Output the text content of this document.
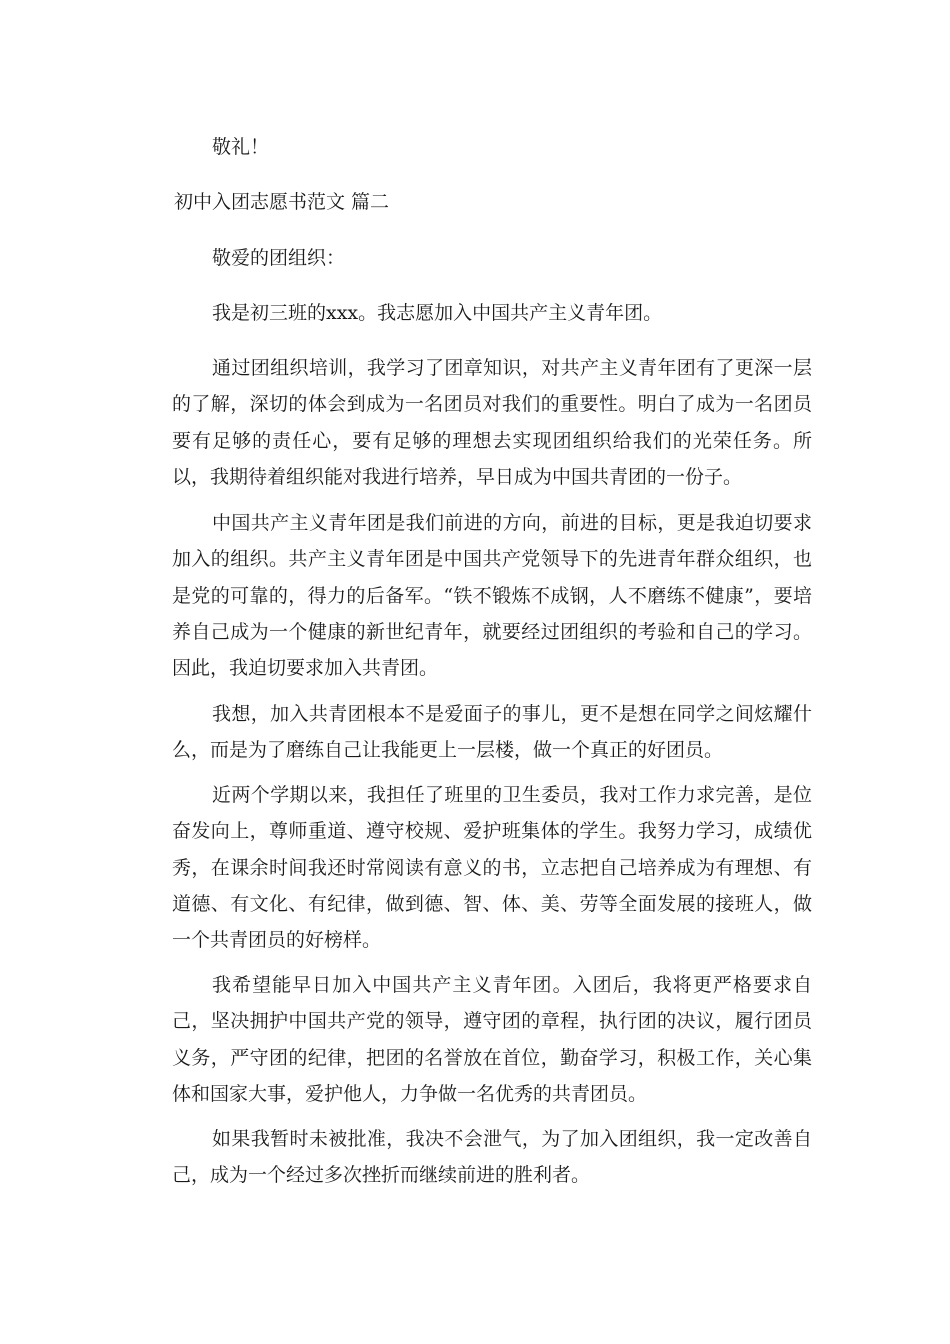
敬礼！
初中入团志愿书范文 篇二
敬爱的团组织：
我是初三班的xxx。我志愿加入中国共产主义青年团。
通过团组织培训，我学习了团章知识，对共产主义青年团有了更深一层的了解，深切的体会到成为一名团员对我们的重要性。明白了成为一名团员要有足够的责任心，要有足够的理想去实现团组织给我们的光荣任务。所以，我期待着组织能对我进行培养，早日成为中国共青团的一份子。
中国共产主义青年团是我们前进的方向，前进的目标，更是我迫切要求加入的组织。共产主义青年团是中国共产党领导下的先进青年群众组织，也是党的可靠的，得力的后备军。“铁不锻炼不成钢，人不磨练不健康”，要培养自己成为一个健康的新世纪青年，就要经过团组织的考验和自己的学习。因此，我迫切要求加入共青团。
我想，加入共青团根本不是爱面子的事儿，更不是想在同学之间炫耀什么，而是为了磨练自己让我能更上一层楼，做一个真正的好团员。
近两个学期以来，我担任了班里的卫生委员，我对工作力求完善，是位奋发向上，尊师重道、遵守校规、爱护班集体的学生。我努力学习，成绩优秀，在课余时间我还时常阅读有意义的书，立志把自己培养成为有理想、有道德、有文化、有纪律，做到德、智、体、美、劳等全面发展的接班人，做一个共青团员的好榜样。
我希望能早日加入中国共产主义青年团。入团后，我将更严格要求自己，坚决拥护中国共产党的领导，遵守团的章程，执行团的决议，履行团员义务，严守团的纪律，把团的名誉放在首位，勤奋学习，积极工作，关心集体和国家大事，爱护他人，力争做一名优秀的共青团员。
如果我暂时未被批准，我决不会泄气，为了加入团组织，我一定改善自己，成为一个经过多次挫折而继续前进的胜利者。
